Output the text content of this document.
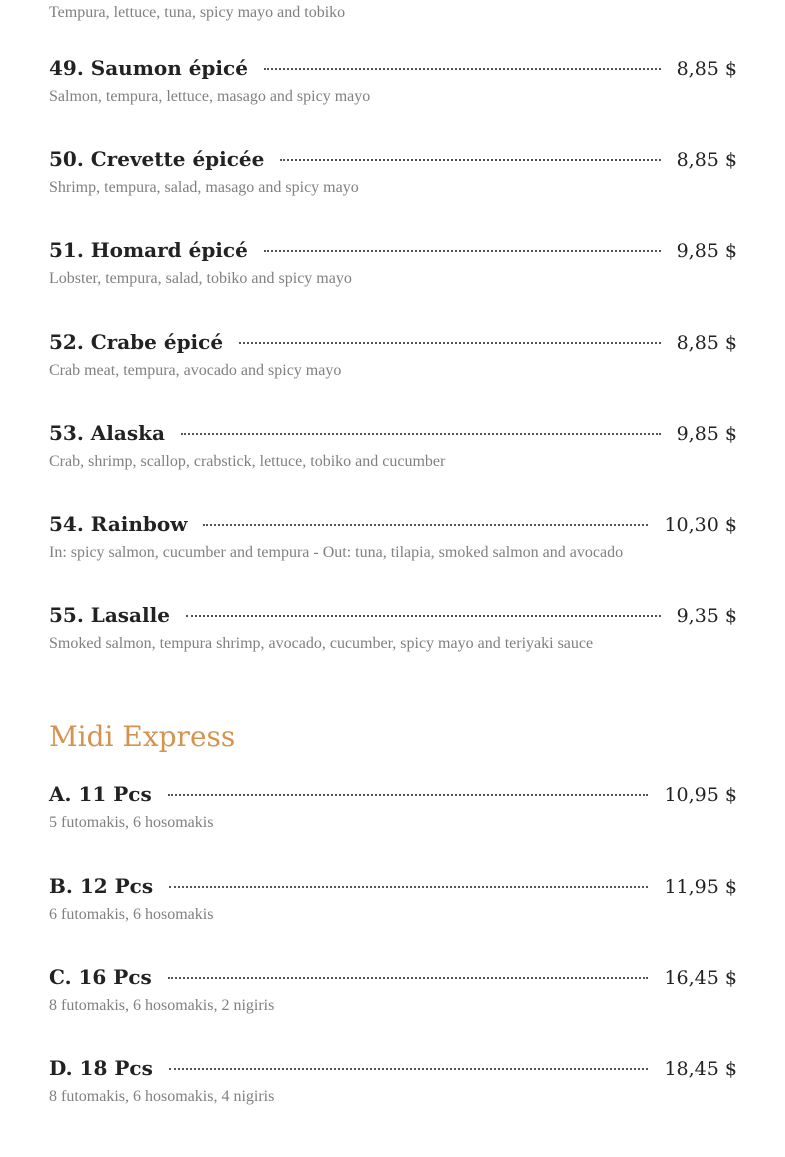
Tempura, lettuce, tuna, spicy mayo and tobiko
49. Saumon épicé	8,85 $
Salmon, tempura, lettuce, masago and spicy mayo
50. Crevette épicée	8,85 $
Shrimp, tempura, salad, masago and spicy mayo
51. Homard épicé	9,85 $
Lobster, tempura, salad, tobiko and spicy mayo
52. Crabe épicé	8,85 $
Crab meat, tempura, avocado and spicy mayo
53. Alaska	9,85 $
Crab, shrimp, scallop, crabstick, lettuce, tobiko and cucumber
54. Rainbow	10,30 $
In: spicy salmon, cucumber and tempura - Out: tuna, tilapia, smoked salmon and avocado
55. Lasalle	9,35 $
Smoked salmon, tempura shrimp, avocado, cucumber, spicy mayo and teriyaki sauce
Midi Express
A. 11 Pcs	10,95 $
5 futomakis, 6 hosomakis
B. 12 Pcs	11,95 $
6 futomakis, 6 hosomakis
C. 16 Pcs	16,45 $
8 futomakis, 6 hosomakis, 2 nigiris
D. 18 Pcs	18,45 $
8 futomakis, 6 hosomakis, 4 nigiris
